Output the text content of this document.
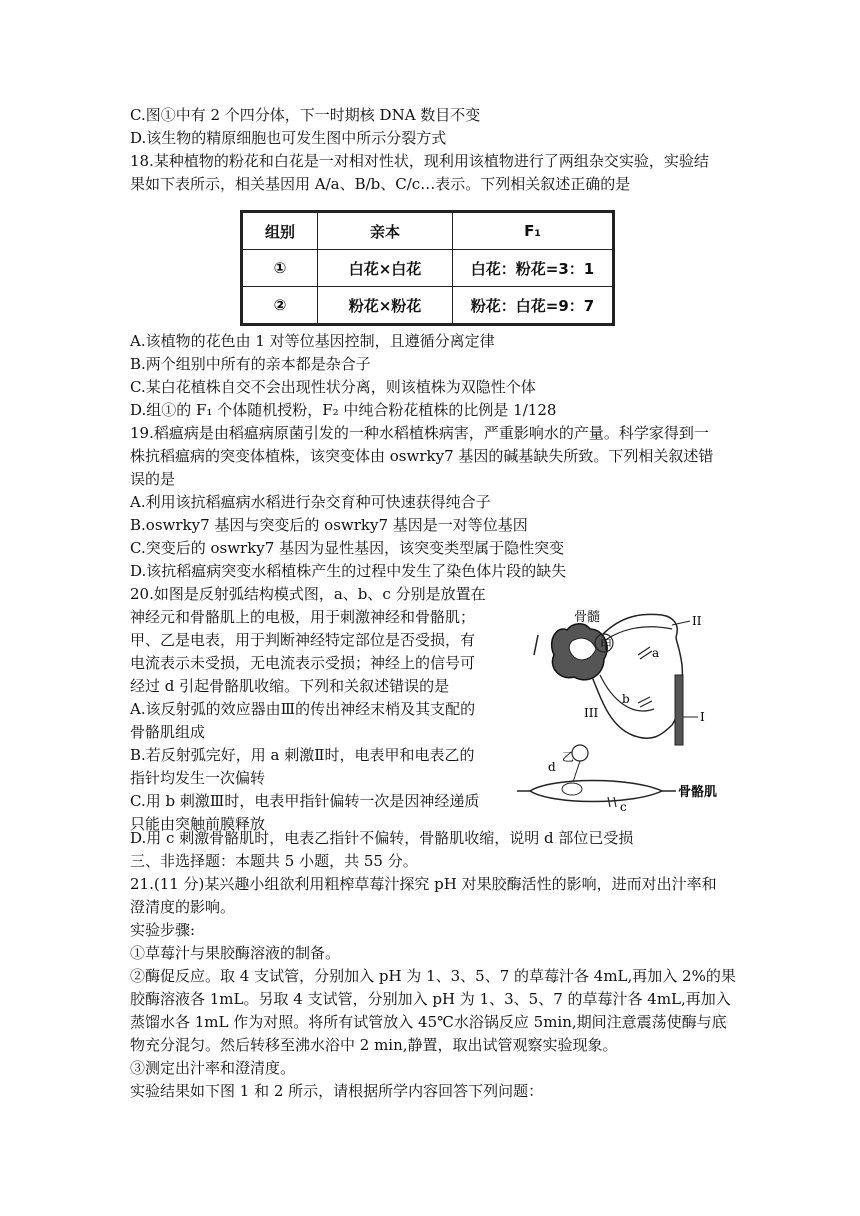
C.图①中有 2 个四分体，下一时期核 DNA 数目不变
D.该生物的精原细胞也可发生图中所示分裂方式
18.某种植物的粉花和白花是一对相对性状，现利用该植物进行了两组杂交实验，实验结
果如下表所示，相关基因用 A/a、B/b、C/c…表示。下列相关叙述正确的是
组别	亲本	F₁
①	白花×白花	白花：粉花=3：1
②	粉花×粉花	粉花：白花=9：7
A.该植物的花色由 1 对等位基因控制，且遵循分离定律
B.两个组别中所有的亲本都是杂合子
C.某白花植株自交不会出现性状分离，则该植株为双隐性个体
D.组①的 F₁ 个体随机授粉，F₂ 中纯合粉花植株的比例是 1/128
19.稻瘟病是由稻瘟病原菌引发的一种水稻植株病害，严重影响水的产量。科学家得到一
株抗稻瘟病的突变体植株，该突变体由 oswrky7 基因的碱基缺失所致。下列相关叙述错
误的是
A.利用该抗稻瘟病水稻进行杂交育种可快速获得纯合子
B.oswrky7 基因与突变后的 oswrky7 基因是一对等位基因
C.突变后的 oswrky7 基因为显性基因，该突变类型属于隐性突变
D.该抗稻瘟病突变水稻植株产生的过程中发生了染色体片段的缺失
20.如图是反射弧结构模式图，a、b、c 分别是放置在
神经元和骨骼肌上的电极，用于刺激神经和骨骼肌；
甲、乙是电表，用于判断神经特定部位是否受损，有
电流表示未受损，无电流表示受损；神经上的信号可
经过 d 引起骨骼肌收缩。下列和关叙述错误的是
A.该反射弧的效应器由Ⅲ的传出神经末梢及其支配的
骨骼肌组成
B.若反射弧完好，用 a 刺激Ⅱ时，电表甲和电表乙的
指针均发生一次偏转
C.用 b 刺激Ⅲ时，电表甲指针偏转一次是因神经递质
只能由突触前膜释放
骨髓
甲
II
III
a
b
I
乙
d
骨骼肌
c
D.用 c 刺激骨骼肌时，电表乙指针不偏转，骨骼肌收缩，说明 d 部位已受损
三、非选择题：本题共 5 小题，共 55 分。
21.(11 分)某兴趣小组欲利用粗榨草莓汁探究 pH 对果胶酶活性的影响，进而对出汁率和
澄清度的影响。
实验步骤:
①草莓汁与果胶酶溶液的制备。
②酶促反应。取 4 支试管，分别加入 pH 为 1、3、5、7 的草莓汁各 4mL,再加入 2%的果
胶酶溶液各 1mL。另取 4 支试管，分别加入 pH 为 1、3、5、7 的草莓汁各 4mL,再加入
蒸馏水各 1mL 作为对照。将所有试管放入 45℃水浴锅反应 5min,期间注意震荡使酶与底
物充分混匀。然后转移至沸水浴中 2 min,静置，取出试管观察实验现象。
③测定出汁率和澄清度。
实验结果如下图 1 和 2 所示，请根据所学内容回答下列问题：
